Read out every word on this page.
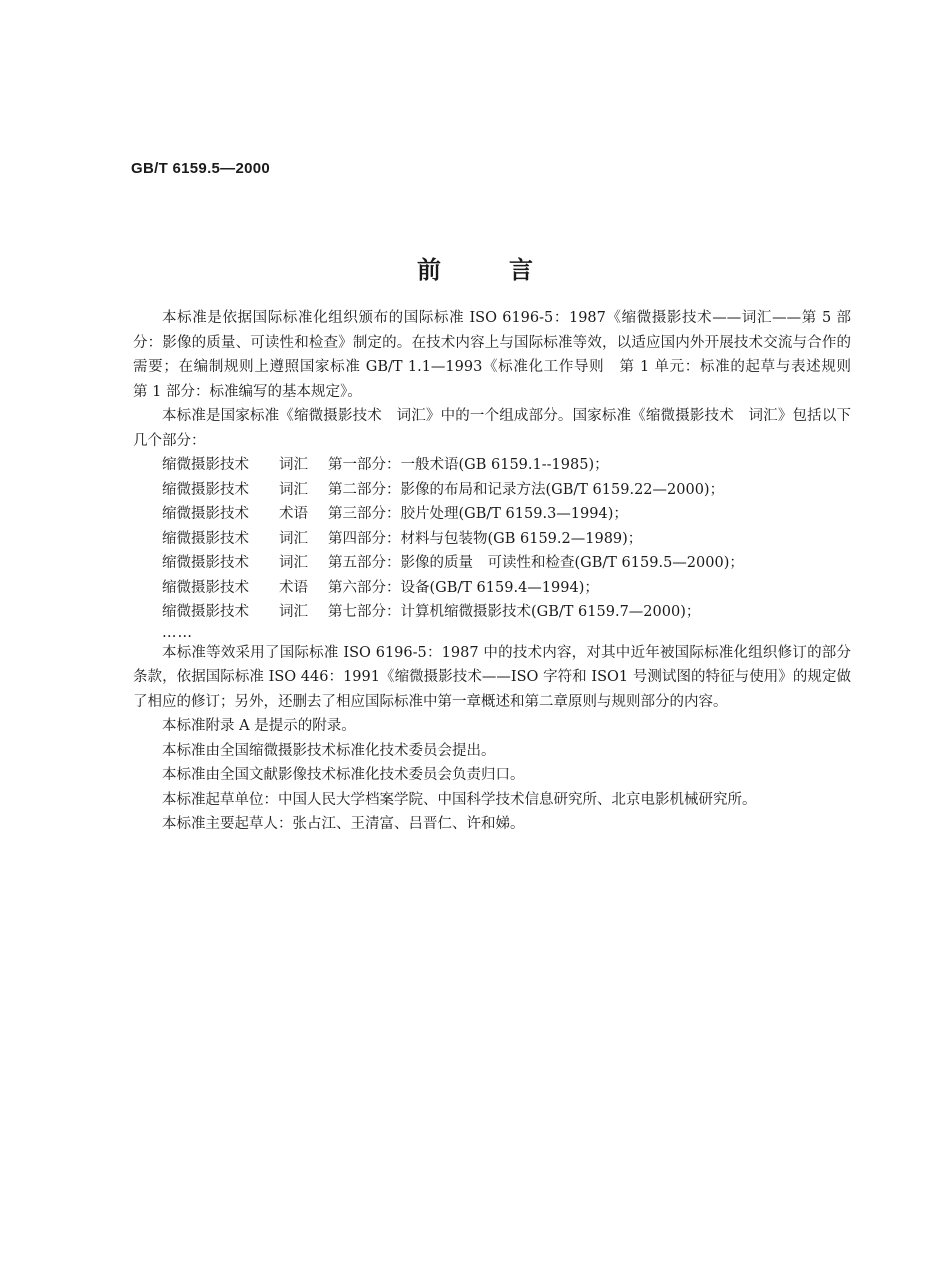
GB/T 6159.5—2000
前言

本标准是依据国际标准化组织颁布的国际标准 ISO 6196-5：1987《缩微摄影技术——词汇——第 5 部分：影像的质量、可读性和检查》制定的。在技术内容上与国际标准等效，以适应国内外开展技术交流与合作的需要；在编制规则上遵照国家标准 GB/T 1.1—1993《标准化工作导则　第 1 单元：标准的起草与表述规则　第 1 部分：标准编写的基本规定》。

本标准是国家标准《缩微摄影技术　词汇》中的一个组成部分。国家标准《缩微摄影技术　词汇》包括以下几个部分：

缩微摄影技术 词汇 第一部分：一般术语(GB 6159.1--1985)；
缩微摄影技术 词汇 第二部分：影像的布局和记录方法(GB/T 6159.22—2000)；
缩微摄影技术 术语 第三部分：胶片处理(GB/T 6159.3—1994)；
缩微摄影技术 词汇 第四部分：材料与包装物(GB 6159.2—1989)；
缩微摄影技术 词汇 第五部分：影像的质量　可读性和检查(GB/T 6159.5—2000)；
缩微摄影技术 术语 第六部分：设备(GB/T 6159.4—1994)；
缩微摄影技术 词汇 第七部分：计算机缩微摄影技术(GB/T 6159.7—2000)；

……

本标准等效采用了国际标准 ISO 6196-5：1987 中的技术内容，对其中近年被国际标准化组织修订的部分条款，依据国际标准 ISO 446：1991《缩微摄影技术——ISO 字符和 ISO1 号测试图的特征与使用》的规定做了相应的修订；另外，还删去了相应国际标准中第一章概述和第二章原则与规则部分的内容。

本标准附录 A 是提示的附录。

本标准由全国缩微摄影技术标准化技术委员会提出。

本标准由全国文献影像技术标准化技术委员会负责归口。

本标准起草单位：中国人民大学档案学院、中国科学技术信息研究所、北京电影机械研究所。

本标准主要起草人：张占江、王清富、吕晋仁、许和娣。
